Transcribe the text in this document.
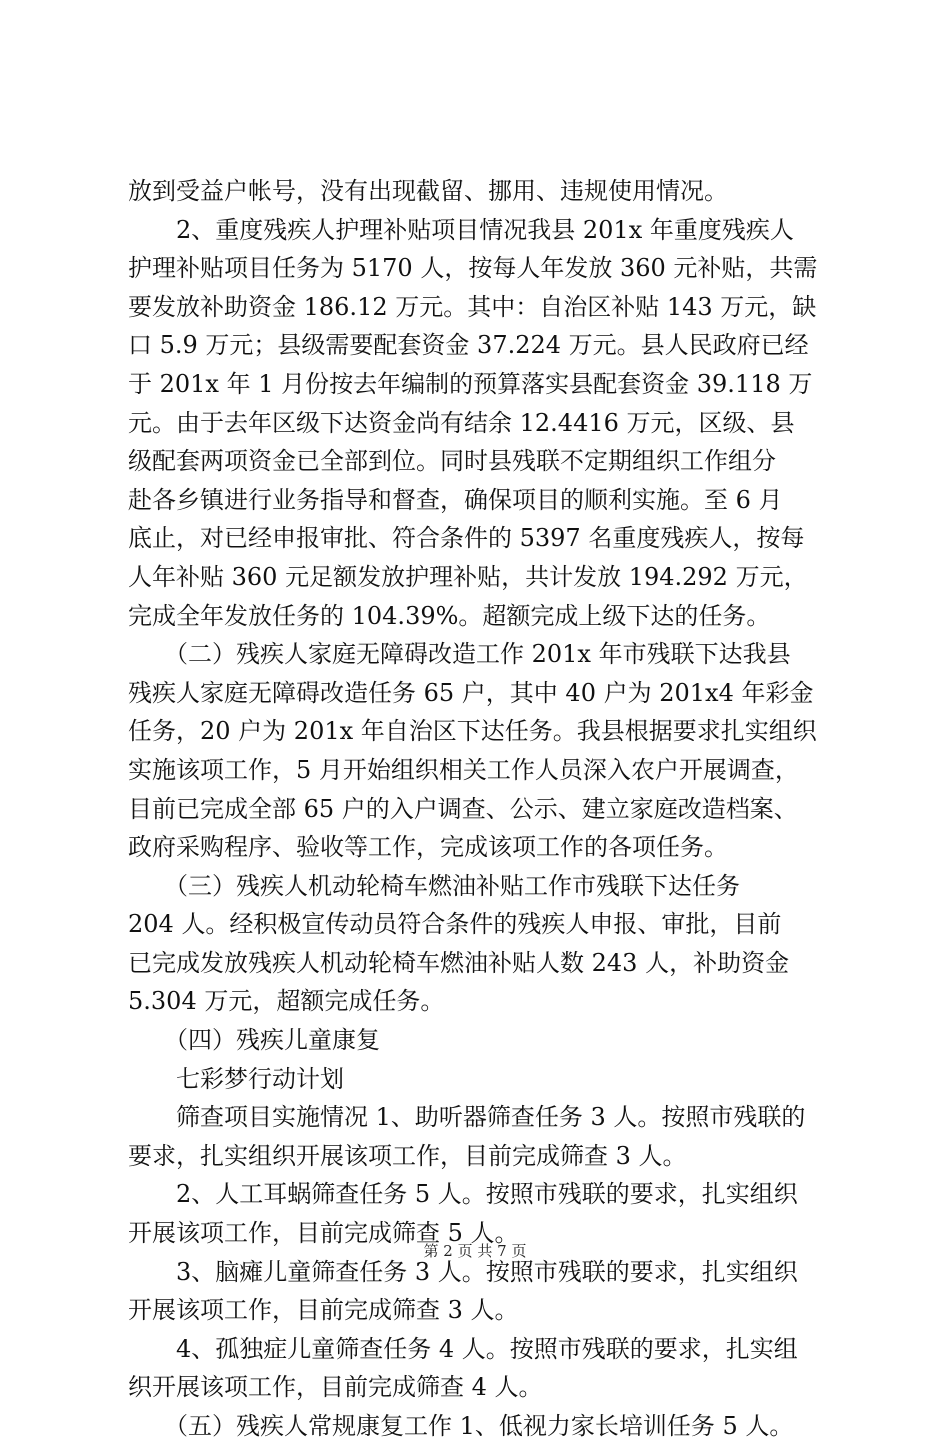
放到受益户帐号，没有出现截留、挪用、违规使用情况。
　　2、重度残疾人护理补贴项目情况我县 201x 年重度残疾人
护理补贴项目任务为 5170 人，按每人年发放 360 元补贴，共需
要发放补助资金 186.12 万元。其中：自治区补贴 143 万元，缺
口 5.9 万元；县级需要配套资金 37.224 万元。县人民政府已经
于 201x 年 1 月份按去年编制的预算落实县配套资金 39.118 万
元。由于去年区级下达资金尚有结余 12.4416 万元，区级、县
级配套两项资金已全部到位。同时县残联不定期组织工作组分
赴各乡镇进行业务指导和督查，确保项目的顺利实施。至 6 月
底止，对已经申报审批、符合条件的 5397 名重度残疾人，按每
人年补贴 360 元足额发放护理补贴，共计发放 194.292 万元，
完成全年发放任务的 104.39%。超额完成上级下达的任务。
　　（二）残疾人家庭无障碍改造工作 201x 年市残联下达我县
残疾人家庭无障碍改造任务 65 户，其中 40 户为 201x4 年彩金
任务，20 户为 201x 年自治区下达任务。我县根据要求扎实组织
实施该项工作，5 月开始组织相关工作人员深入农户开展调查，
目前已完成全部 65 户的入户调查、公示、建立家庭改造档案、
政府采购程序、验收等工作，完成该项工作的各项任务。
　　（三）残疾人机动轮椅车燃油补贴工作市残联下达任务
204 人。经积极宣传动员符合条件的残疾人申报、审批，目前
已完成发放残疾人机动轮椅车燃油补贴人数 243 人，补助资金
5.304 万元，超额完成任务。
　　（四）残疾儿童康复
　　七彩梦行动计划
　　筛查项目实施情况 1、助听器筛查任务 3 人。按照市残联的
要求，扎实组织开展该项工作，目前完成筛查 3 人。
　　2、人工耳蜗筛查任务 5 人。按照市残联的要求，扎实组织
开展该项工作，目前完成筛查 5 人。
　　3、脑瘫儿童筛查任务 3 人。按照市残联的要求，扎实组织
开展该项工作，目前完成筛查 3 人。
　　4、孤独症儿童筛查任务 4 人。按照市残联的要求，扎实组
织开展该项工作，目前完成筛查 4 人。
　　（五）残疾人常规康复工作 1、低视力家长培训任务 5 人。
第 2 页 共 7 页
